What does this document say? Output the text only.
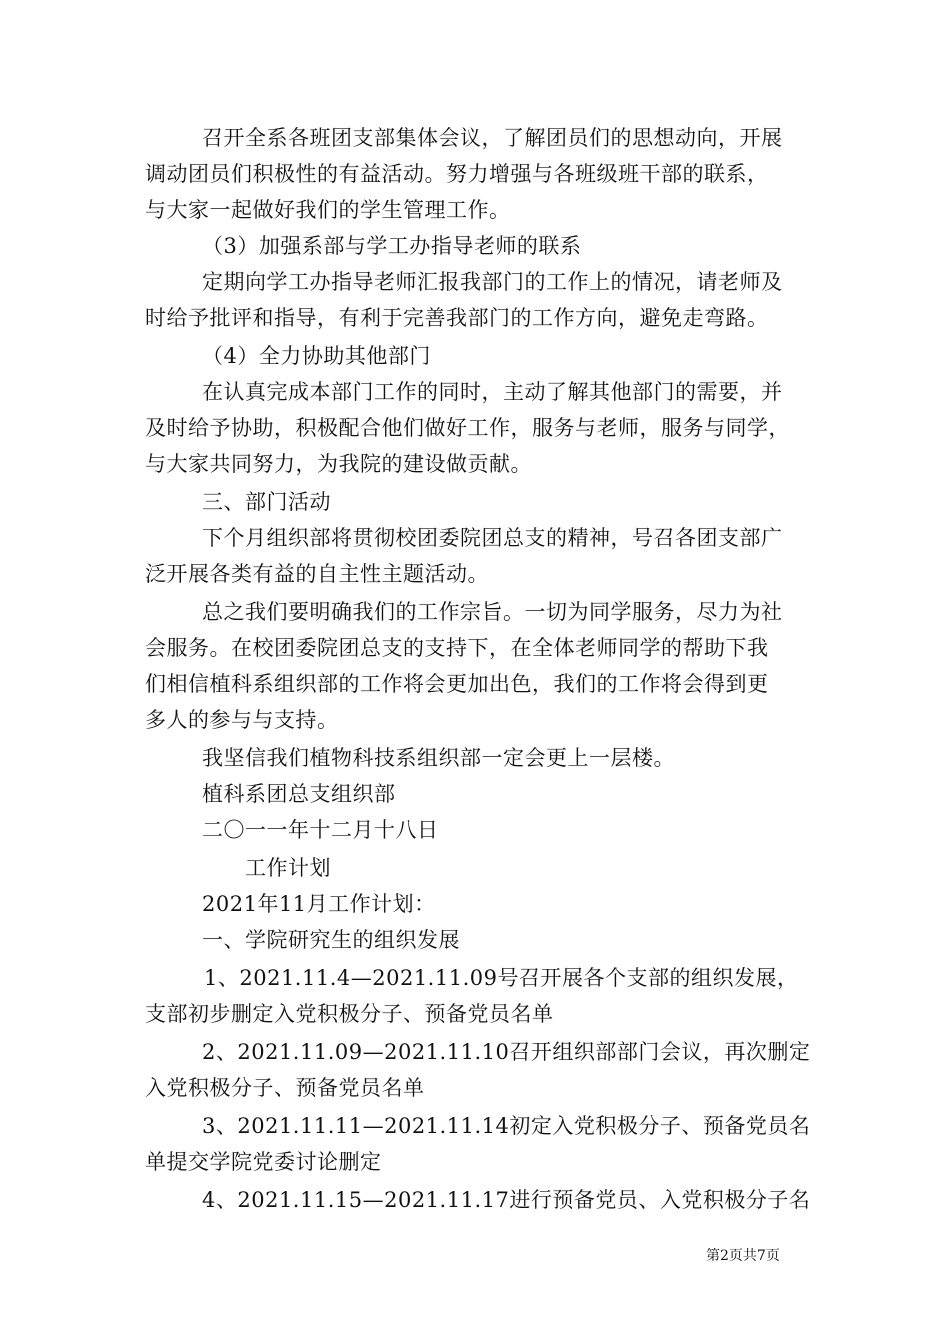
召开全系各班团支部集体会议，了解团员们的思想动向，开展
调动团员们积极性的有益活动。努力增强与各班级班干部的联系，
与大家一起做好我们的学生管理工作。
（3）加强系部与学工办指导老师的联系
定期向学工办指导老师汇报我部门的工作上的情况，请老师及
时给予批评和指导，有利于完善我部门的工作方向，避免走弯路。
（4）全力协助其他部门
在认真完成本部门工作的同时，主动了解其他部门的需要，并
及时给予协助，积极配合他们做好工作，服务与老师，服务与同学，
与大家共同努力，为我院的建设做贡献。
三、部门活动
下个月组织部将贯彻校团委院团总支的精神，号召各团支部广
泛开展各类有益的自主性主题活动。
总之我们要明确我们的工作宗旨。一切为同学服务，尽力为社
会服务。在校团委院团总支的支持下，在全体老师同学的帮助下我
们相信植科系组织部的工作将会更加出色，我们的工作将会得到更
多人的参与与支持。
我坚信我们植物科技系组织部一定会更上一层楼。
植科系团总支组织部
二〇一一年十二月十八日
工作计划
2021年11月工作计划：
一、学院研究生的组织发展
1、2021.11.4—2021.11.09号召开展各个支部的组织发展，
支部初步删定入党积极分子、预备党员名单
2、2021.11.09—2021.11.10召开组织部部门会议，再次删定
入党积极分子、预备党员名单
3、2021.11.11—2021.11.14初定入党积极分子、预备党员名
单提交学院党委讨论删定
4、2021.11.15—2021.11.17进行预备党员、入党积极分子名
第2页共7页
